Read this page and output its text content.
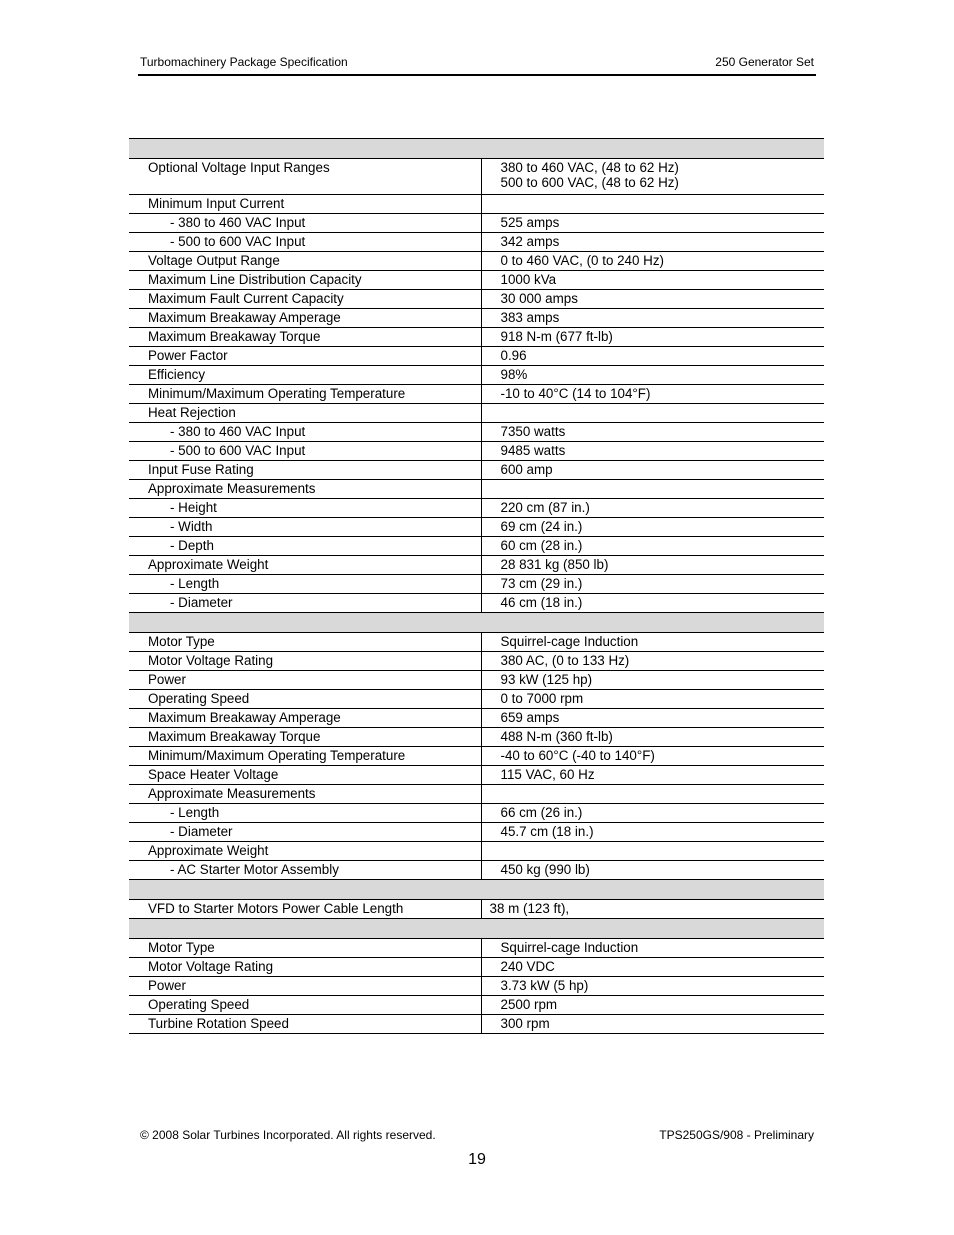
Turbomachinery Package Specification	250 Generator Set

Optional Voltage Input Ranges	380 to 460 VAC, (48 to 62 Hz)
500 to 600 VAC, (48 to 62 Hz)

Minimum Input Current	
- 380 to 460 VAC Input	525 amps

- 500 to 600 VAC Input	342 amps

Voltage Output Range	0 to 460 VAC, (0 to 240 Hz)

Maximum Line Distribution Capacity	1000 kVa

Maximum Fault Current Capacity	30 000 amps

Maximum Breakaway Amperage	383 amps

Maximum Breakaway Torque	918 N-m (677 ft-lb)

Power Factor	0.96

Efficiency	98%

Minimum/Maximum Operating Temperature	-10 to 40°C (14 to 104°F)

Heat Rejection	
- 380 to 460 VAC Input	7350 watts

- 500 to 600 VAC Input	9485 watts

Input Fuse Rating	600 amp

Approximate Measurements	
- Height	220 cm (87 in.)

- Width	69 cm (24 in.)

- Depth	60 cm (28 in.)

Approximate Weight	28 831 kg (850 lb)

- Length	73 cm (29 in.)

- Diameter	46 cm (18 in.)

Motor Type	Squirrel-cage Induction

Motor Voltage Rating	380 AC, (0 to 133 Hz)

Power	93 kW (125 hp)

Operating Speed	0 to 7000 rpm

Maximum Breakaway Amperage	659 amps

Maximum Breakaway Torque	488 N-m (360 ft-lb)

Minimum/Maximum Operating Temperature	-40 to 60°C (-40 to 140°F)

Space Heater Voltage	115 VAC, 60 Hz

Approximate Measurements	
- Length	66 cm (26 in.)

- Diameter	45.7 cm (18 in.)

Approximate Weight	
- AC Starter Motor Assembly	450 kg (990 lb)

VFD to Starter Motors Power Cable Length	38 m (123 ft),

Motor Type	Squirrel-cage Induction

Motor Voltage Rating	240 VDC

Power	3.73 kW (5 hp)

Operating Speed	2500 rpm

Turbine Rotation Speed	300 rpm
© 2008 Solar Turbines Incorporated. All rights reserved.	TPS250GS/908 - Preliminary
19
